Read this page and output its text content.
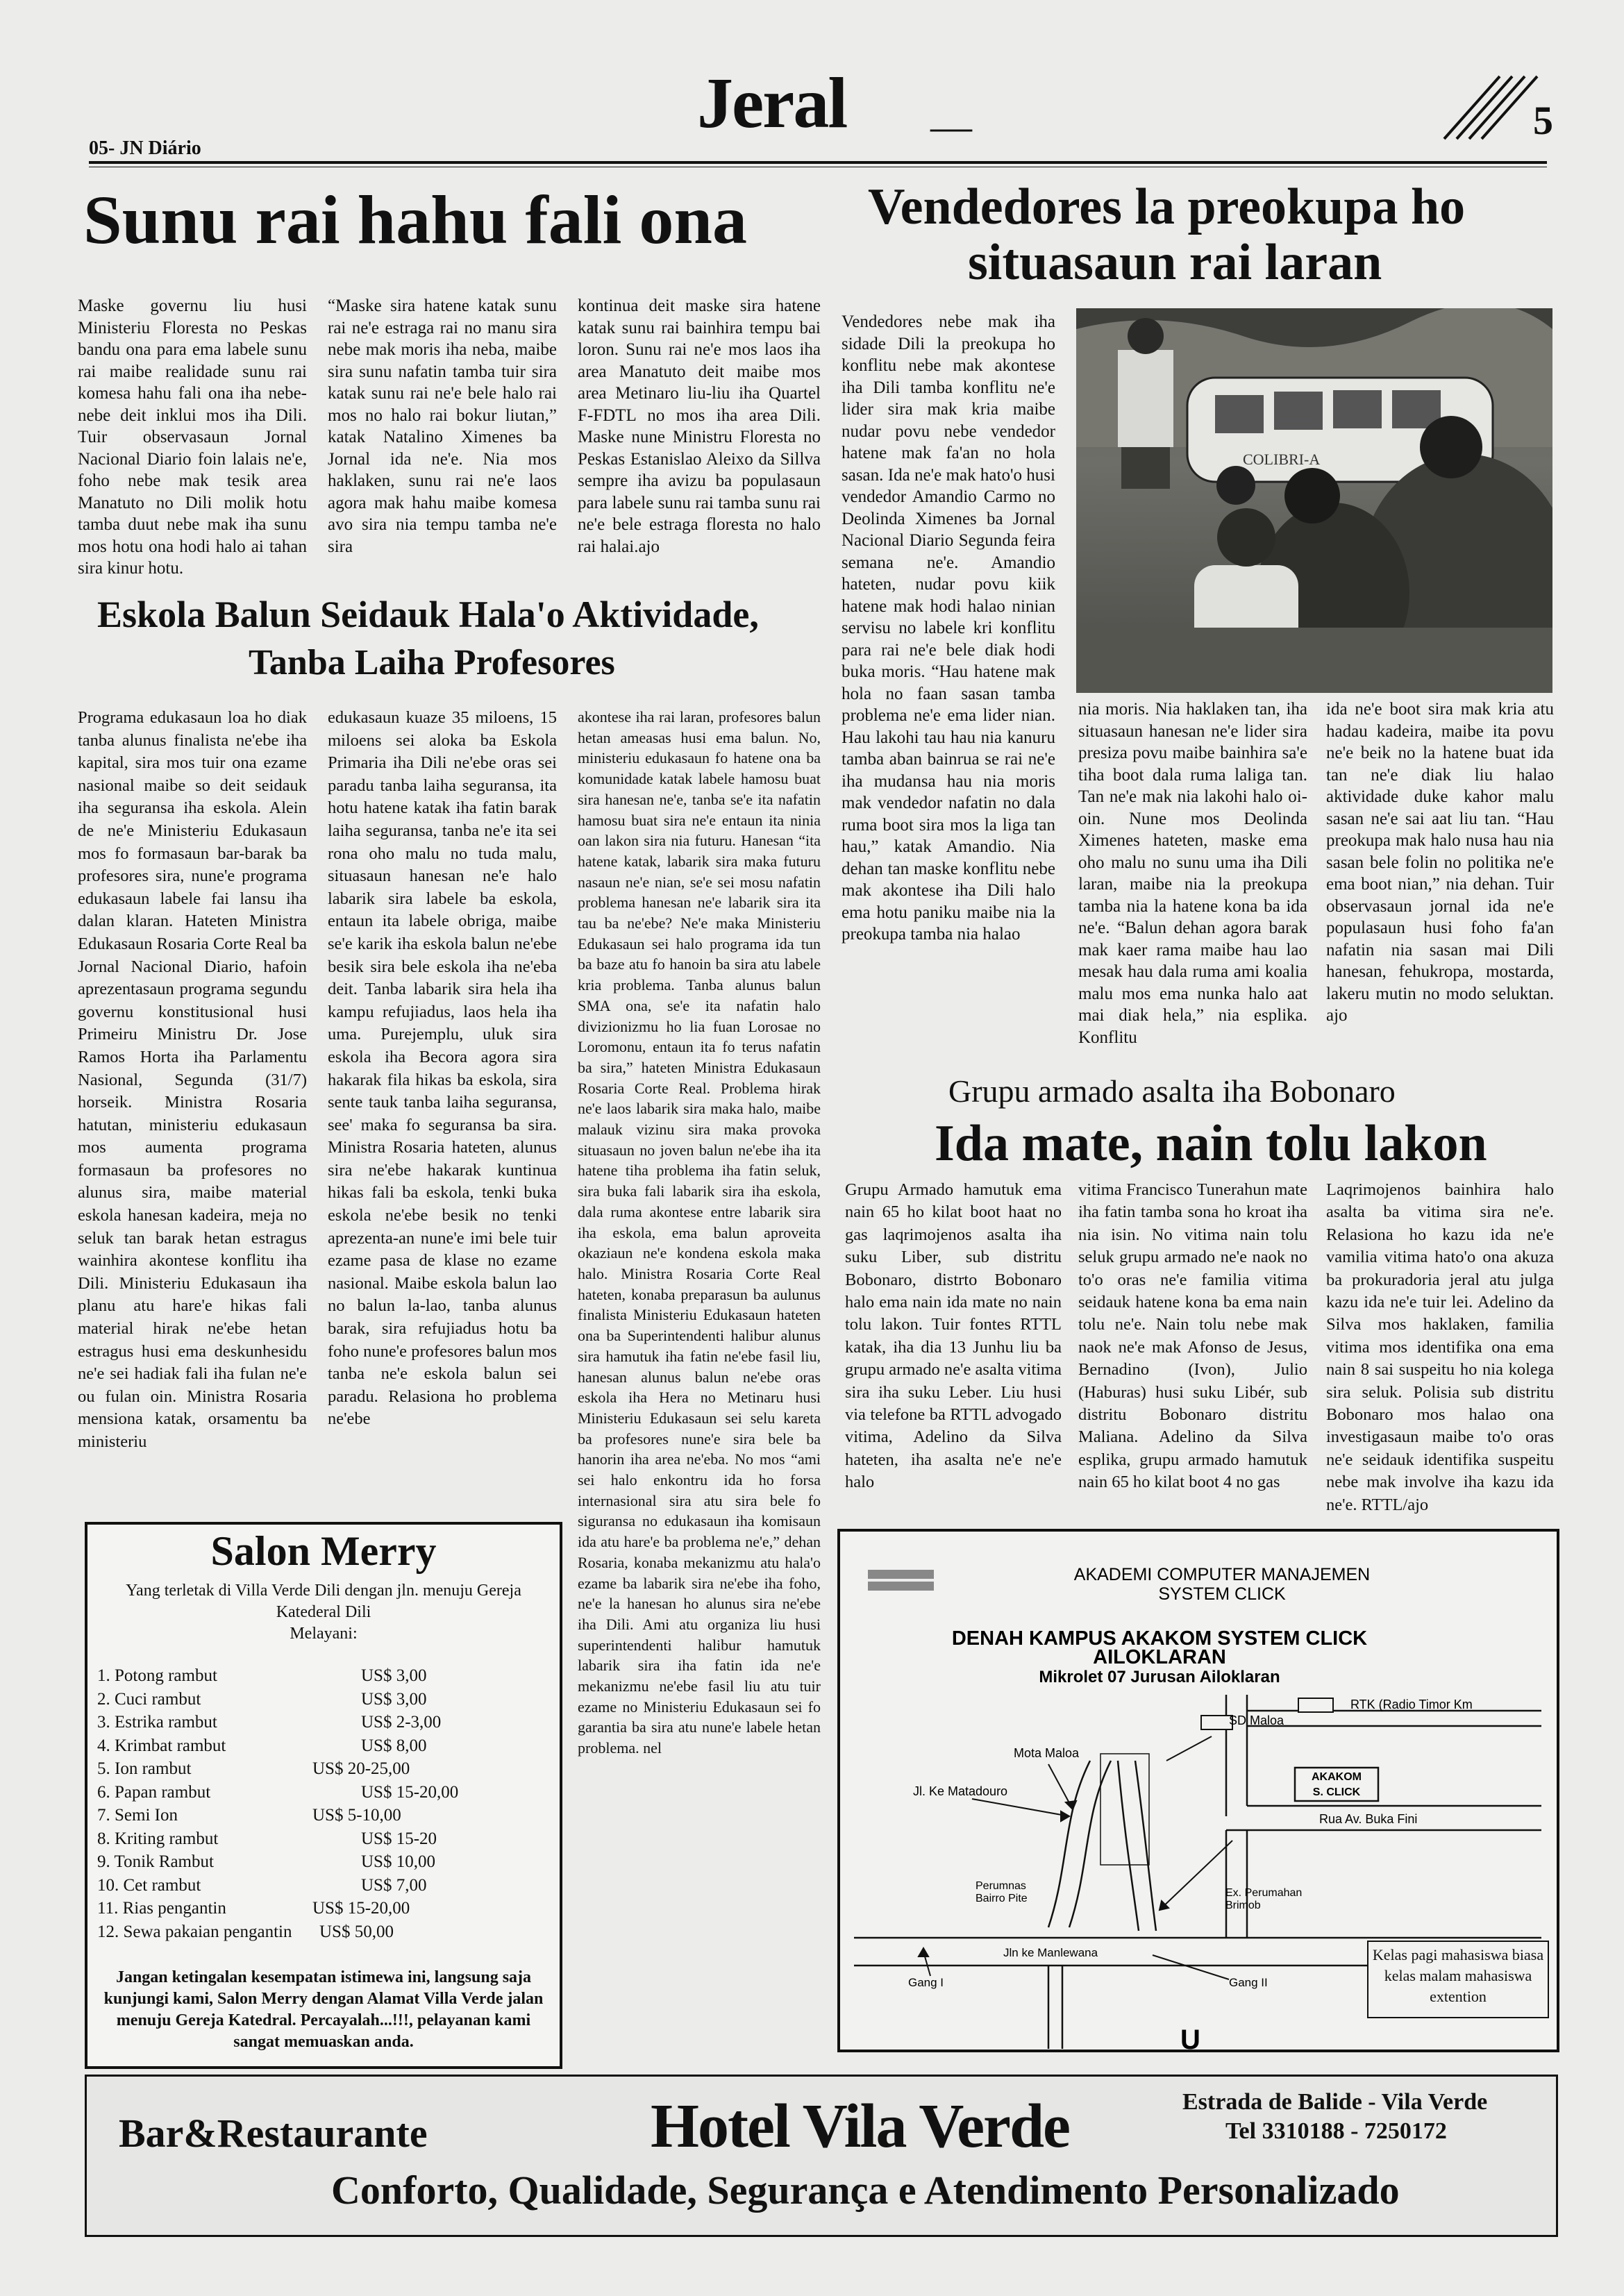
05- JN Diário
Jeral —	5
Sunu rai hahu fali ona
Maske governu liu husi Ministeriu Floresta no Peskas bandu ona para ema labele sunu rai maibe realidade sunu rai komesa hahu fali ona iha nebe-nebe deit inklui mos iha Dili. Tuir observasaun Jornal Nacional Diario foin lalais ne'e, foho nebe mak tesik area Manatuto no Dili molik hotu tamba duut nebe mak iha sunu mos hotu ona hodi halo ai tahan sira kinur hotu.
“Maske sira hatene katak sunu rai ne'e estraga rai no manu sira nebe mak moris iha neba, maibe sira sunu nafatin tamba tuir sira katak sunu rai ne'e bele halo rai mos no halo rai bokur liutan,” katak Natalino Ximenes ba Jornal ida ne'e. Nia mos haklaken, sunu rai ne'e laos agora mak hahu maibe komesa avo sira nia tempu tamba ne'e sira
kontinua deit maske sira hatene katak sunu rai bainhira tempu bai loron. Sunu rai ne'e mos laos iha area Manatuto deit maibe mos area Metinaro liu-liu iha Quartel F-FDTL no mos iha area Dili. Maske nune Ministru Floresta no Peskas Estanislao Aleixo da Sillva sempre iha avizu ba populasaun para labele sunu rai tamba sunu rai ne'e bele estraga floresta no halo rai halai.ajo
Eskola Balun Seidauk Hala'o Aktividade,
Tanba Laiha Profesores
Programa edukasaun loa ho diak tanba alunus finalista ne'ebe iha kapital, sira mos tuir ona ezame nasional maibe so deit seidauk iha seguransa iha eskola. Alein de ne'e Ministeriu Edukasaun mos fo formasaun bar-barak ba profesores sira, nune'e programa edukasaun labele fai lansu iha dalan klaran. Hateten Ministra Edukasaun Rosaria Corte Real ba Jornal Nacional Diario, hafoin aprezentasaun programa segundu governu konstitusional husi Primeiru Ministru Dr. Jose Ramos Horta iha Parlamentu Nasional, Segunda (31/7) horseik. Ministra Rosaria hatutan, ministeriu edukasaun mos aumenta programa formasaun ba profesores no alunus sira, maibe material eskola hanesan kadeira, meja no seluk tan barak hetan estragus wainhira akontese konflitu iha Dili. Ministeriu Edukasaun iha planu atu hare'e hikas fali material hirak ne'ebe hetan estragus husi ema deskunhesidu ne'e sei hadiak fali iha fulan ne'e ou fulan oin. Ministra Rosaria mensiona katak, orsamentu ba ministeriu
edukasaun kuaze 35 miloens, 15 miloens sei aloka ba Eskola Primaria iha Dili ne'ebe oras sei paradu tanba laiha seguransa, ita hotu hatene katak iha fatin barak laiha seguransa, tanba ne'e ita sei rona oho malu no tuda malu, situasaun hanesan ne'e halo labarik sira labele ba eskola, entaun ita labele obriga, maibe se'e karik iha eskola balun ne'ebe besik sira bele eskola iha ne'eba deit. Tanba labarik sira hela iha kampu refujiadus, laos hela iha uma. Purejemplu, uluk sira eskola iha Becora agora sira hakarak fila hikas ba eskola, sira sente tauk tanba laiha seguransa, see' maka fo seguransa ba sira. Ministra Rosaria hateten, alunus sira ne'ebe hakarak kuntinua hikas fali ba eskola, tenki buka eskola ne'ebe besik no tenki aprezenta-an nune'e imi bele tuir ezame pasa de klase no ezame nasional. Maibe eskola balun lao no balun la-lao, tanba alunus barak, sira refujiadus hotu ba foho nune'e profesores balun mos tanba ne'e eskola balun sei paradu. Relasiona ho problema ne'ebe
akontese iha rai laran, profesores balun hetan ameasas husi ema balun. No, ministeriu edukasaun fo hatene ona ba komunidade katak labele hamosu buat sira hanesan ne'e, tanba se'e ita nafatin hamosu buat sira ne'e entaun ita ninia oan lakon sira nia futuru. Hanesan “ita hatene katak, labarik sira maka futuru nasaun ne'e nian, se'e sei mosu nafatin problema hanesan ne'e labarik sira ita tau ba ne'ebe? Ne'e maka Ministeriu Edukasaun sei halo programa ida tun ba baze atu fo hanoin ba sira atu labele kria problema. Tanba alunus balun SMA ona, se'e ita nafatin halo divizionizmu ho lia fuan Lorosae no Loromonu, entaun ita fo terus nafatin ba sira,” hateten Ministra Edukasaun Rosaria Corte Real. Problema hirak ne'e laos labarik sira maka halo, maibe malauk vizinu sira maka provoka situasaun no joven balun ne'ebe iha ita hatene tiha problema iha fatin seluk, sira buka fali labarik sira iha eskola, dala ruma akontese entre labarik sira iha eskola, ema balun aproveita okaziaun ne'e kondena eskola maka halo. Ministra Rosaria Corte Real hateten, konaba preparasun ba aulunus finalista Ministeriu Edukasaun hateten ona ba Superintendenti halibur alunus sira hamutuk iha fatin ne'ebe fasil liu, hanesan alunus balun ne'ebe oras eskola iha Hera no Metinaru husi Ministeriu Edukasaun sei selu kareta ba profesores nune'e sira bele ba hanorin iha area ne'eba. No mos “ami sei halo enkontru ida ho forsa internasional sira atu sira bele fo siguransa no edukasaun iha komisaun ida atu hare'e ba problema ne'e,” dehan Rosaria, konaba mekanizmu atu hala'o ezame ba labarik sira ne'ebe iha foho, ne'e la hanesan ho alunus sira ne'ebe iha Dili. Ami atu organiza liu husi superintendenti halibur hamutuk labarik sira iha fatin ida ne'e mekanizmu ne'ebe fasil liu atu tuir ezame no Ministeriu Edukasaun sei fo garantia ba sira atu nune'e labele hetan problema. nel
Salon Merry
Yang terletak di Villa Verde Dili dengan jln. menuju Gereja Katederal Dili
Melayani:
1. Potong rambut	US$ 3,00
2. Cuci rambut	US$ 3,00
3. Estrika rambut	US$ 2-3,00
4. Krimbat rambut	US$ 8,00
5. Ion rambut	US$ 20-25,00
6. Papan rambut	US$ 15-20,00
7. Semi Ion	US$ 5-10,00
8. Kriting rambut	US$ 15-20
9. Tonik Rambut	US$ 10,00
10. Cet rambut	US$ 7,00
11. Rias pengantin	US$ 15-20,00
12. Sewa pakaian pengantin	US$ 50,00
Jangan ketingalan kesempatan istimewa ini, langsung saja kunjungi kami, Salon Merry dengan Alamat Villa Verde jalan menuju Gereja Katedral. Percayalah...!!!, pelayanan kami sangat memuaskan anda.
Vendedores la preokupa ho
situasaun rai laran
COLIBRI-A
Vendedores nebe mak iha sidade Dili la preokupa ho konflitu nebe mak akontese iha Dili tamba konflitu ne'e lider sira mak kria maibe nudar povu nebe vendedor hatene mak fa'an no hola sasan. Ida ne'e mak hato'o husi vendedor Amandio Carmo no Deolinda Ximenes ba Jornal Nacional Diario Segunda feira semana ne'e. Amandio hateten, nudar povu kiik hatene mak hodi halao ninian servisu no labele kri konflitu para rai ne'e bele diak hodi buka moris. “Hau hatene mak hola no faan sasan tamba problema ne'e ema lider nian. Hau lakohi tau hau nia kanuru tamba aban bainrua se rai ne'e iha mudansa hau nia moris mak vendedor nafatin no dala ruma boot sira mos la liga tan hau,” katak Amandio. Nia dehan tan maske konflitu nebe mak akontese iha Dili halo ema hotu paniku maibe nia la preokupa tamba nia halao
nia moris. Nia haklaken tan, iha situasaun hanesan ne'e lider sira presiza povu maibe bainhira sa'e tiha boot dala ruma laliga tan. Tan ne'e mak nia lakohi halo oi-oin. Nune mos Deolinda Ximenes hateten, maske ema oho malu no sunu uma iha Dili laran, maibe nia la preokupa tamba nia la hatene kona ba ida ne'e. “Balun dehan agora barak mak kaer rama maibe hau lao mesak hau dala ruma ami koalia malu mos ema nunka halo aat mai diak hela,” nia esplika. Konflitu
ida ne'e boot sira mak kria atu hadau kadeira, maibe ita povu ne'e beik no la hatene buat ida tan ne'e diak liu halao aktividade duke kahor malu sasan ne'e sai aat liu tan. “Hau preokupa mak halo nusa hau nia sasan bele folin no politika ne'e ema boot nian,” nia dehan. Tuir observasaun jornal ida ne'e populasaun husi foho fa'an nafatin nia sasan mai Dili hanesan, fehukropa, mostarda, lakeru mutin no modo seluktan. ajo
Grupu armado asalta iha Bobonaro
Ida mate, nain tolu lakon
Grupu Armado hamutuk ema nain 65 ho kilat boot haat no gas laqrimojenos asalta iha suku Liber, sub distritu Bobonaro, distrto Bobonaro halo ema nain ida mate no nain tolu lakon. Tuir fontes RTTL katak, iha dia 13 Junhu liu ba grupu armado ne'e asalta vitima sira iha suku Leber. Liu husi via telefone ba RTTL advogado vitima, Adelino da Silva hateten, iha asalta ne'e ne'e halo
vitima Francisco Tunerahun mate iha fatin tamba sona ho kroat iha nia isin. No vitima nain tolu seluk grupu armado ne'e naok no to'o oras ne'e familia vitima seidauk hatene kona ba ema nain tolu ne'e. Nain tolu nebe mak naok ne'e mak Afonso de Jesus, Bernadino (Ivon), Julio (Haburas) husi suku Libér, sub distritu Bobonaro distritu Maliana. Adelino da Silva esplika, grupu armado hamutuk nain 65 ho kilat boot 4 no gas
Laqrimojenos bainhira halo asalta ba vitima sira ne'e. Relasiona ho kazu ida ne'e vamilia vitima hato'o ona akuza ba prokuradoria jeral atu julga kazu ida ne'e tuir lei. Adelino da Silva mos haklaken, familia vitima mos identifika ona ema nain 8 sai suspeitu ho nia kolega sira seluk. Polisia sub distritu Bobonaro mos halao ona investigasaun maibe to'o oras ne'e seidauk identifika suspeitu nebe mak involve iha kazu ida ne'e. RTTL/ajo
AKADEMI COMPUTER MANAJEMEN
SYSTEM CLICK
DENAH KAMPUS AKAKOM SYSTEM CLICK
AILOKLARAN
Mikrolet 07 Jurusan Ailoklaran
SD Maloa
RTK (Radio Timor Km
Mota Maloa
Jl. Ke Matadouro
AKAKOM
S. CLICK
Rua Av. Buka Fini
Perumnas
Bairro Pite	Ex. Perumahan
Brimob
Jln ke Manlewana
Gang I	Gang II
U
Kelas pagi mahasiswa biasa kelas malam mahasiswa extention
Bar&Restaurante	Hotel Vila Verde	Estrada de Balide - Vila Verde
Tel 3310188 - 7250172
Conforto, Qualidade, Segurança e Atendimento Personalizado
